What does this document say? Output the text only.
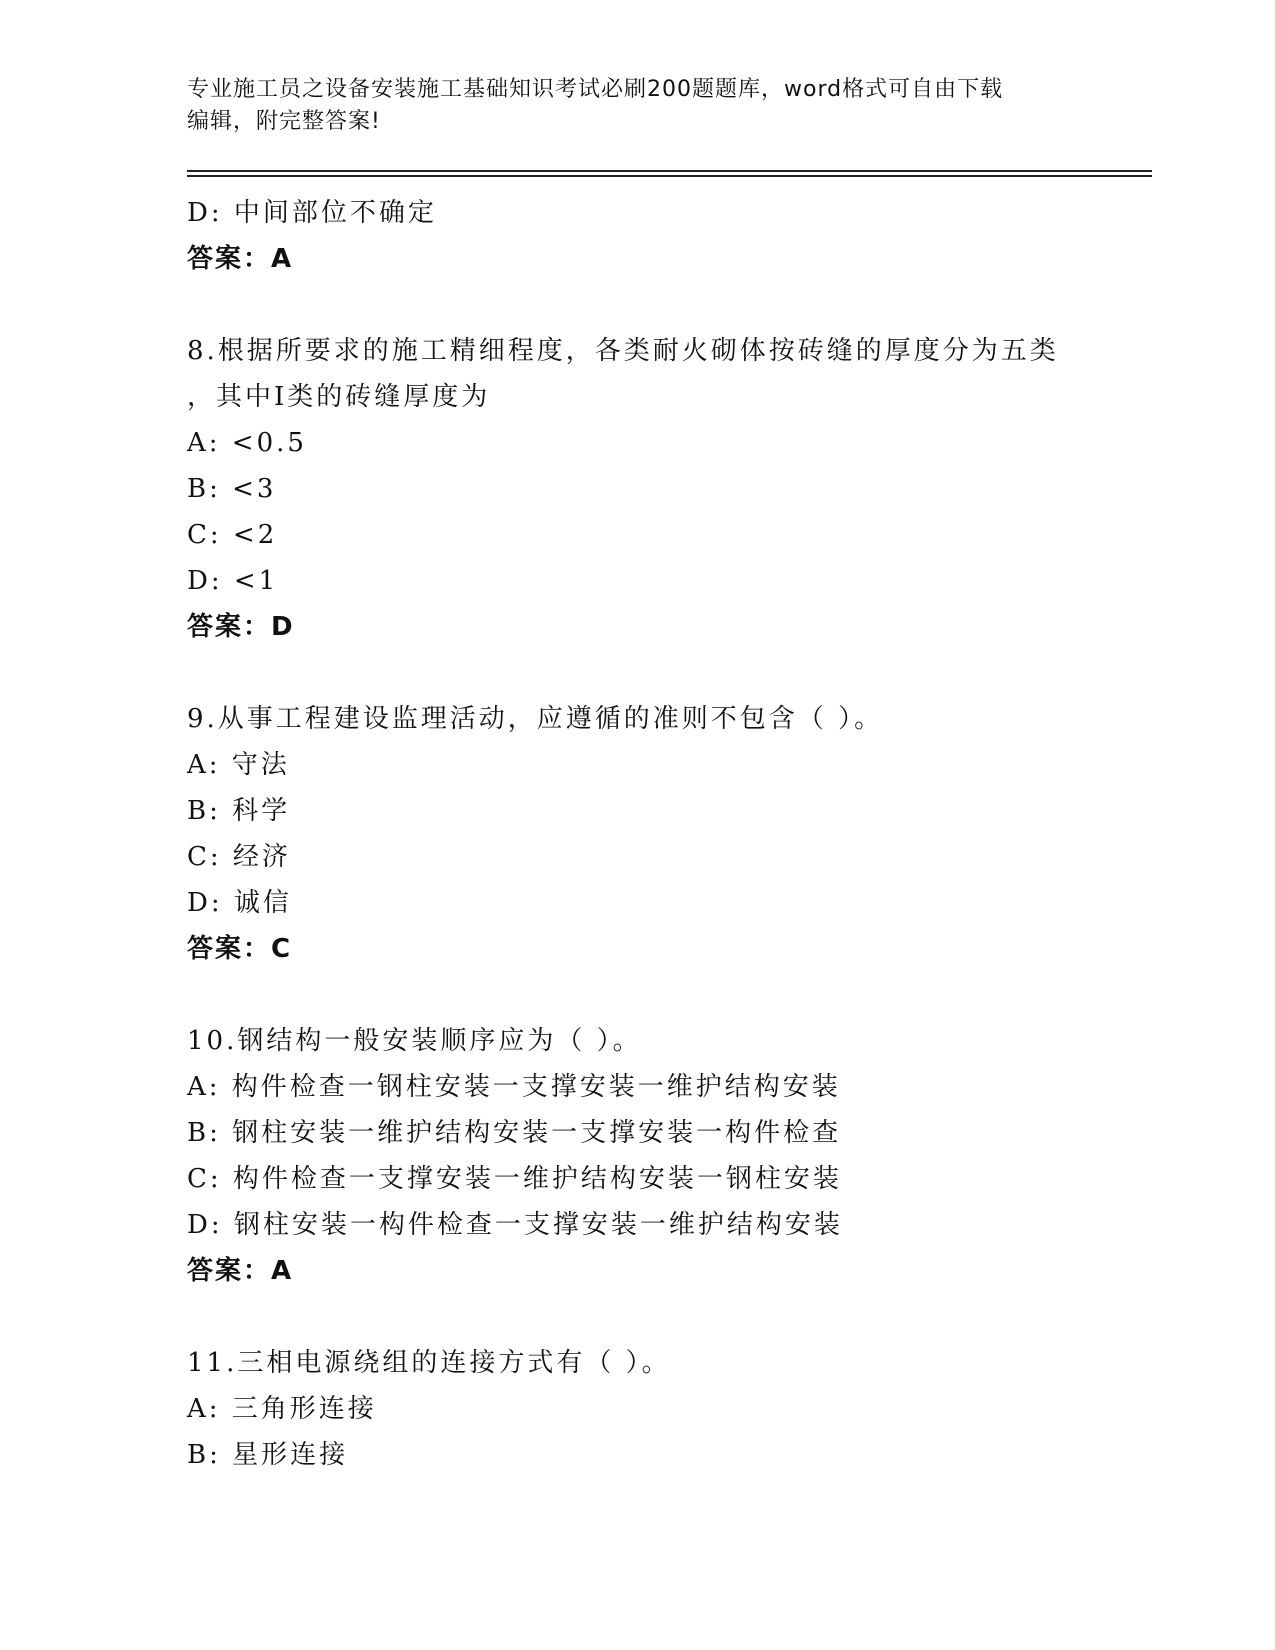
专业施工员之设备安装施工基础知识考试必刷200题题库，word格式可自由下载
编辑，附完整答案!
D: 中间部位不确定
答案：A
8.根据所要求的施工精细程度，各类耐火砌体按砖缝的厚度分为五类
，其中Ⅰ类的砖缝厚度为
A: <0.5
B: <3
C: <2
D: <1
答案：D
9.从事工程建设监理活动，应遵循的准则不包含（ ）。
A: 守法
B: 科学
C: 经济
D: 诚信
答案：C
10.钢结构一般安装顺序应为（ ）。
A: 构件检查一钢柱安装一支撑安装一维护结构安装
B: 钢柱安装一维护结构安装一支撑安装一构件检查
C: 构件检查一支撑安装一维护结构安装一钢柱安装
D: 钢柱安装一构件检查一支撑安装一维护结构安装
答案：A
11.三相电源绕组的连接方式有（ ）。
A: 三角形连接
B: 星形连接
